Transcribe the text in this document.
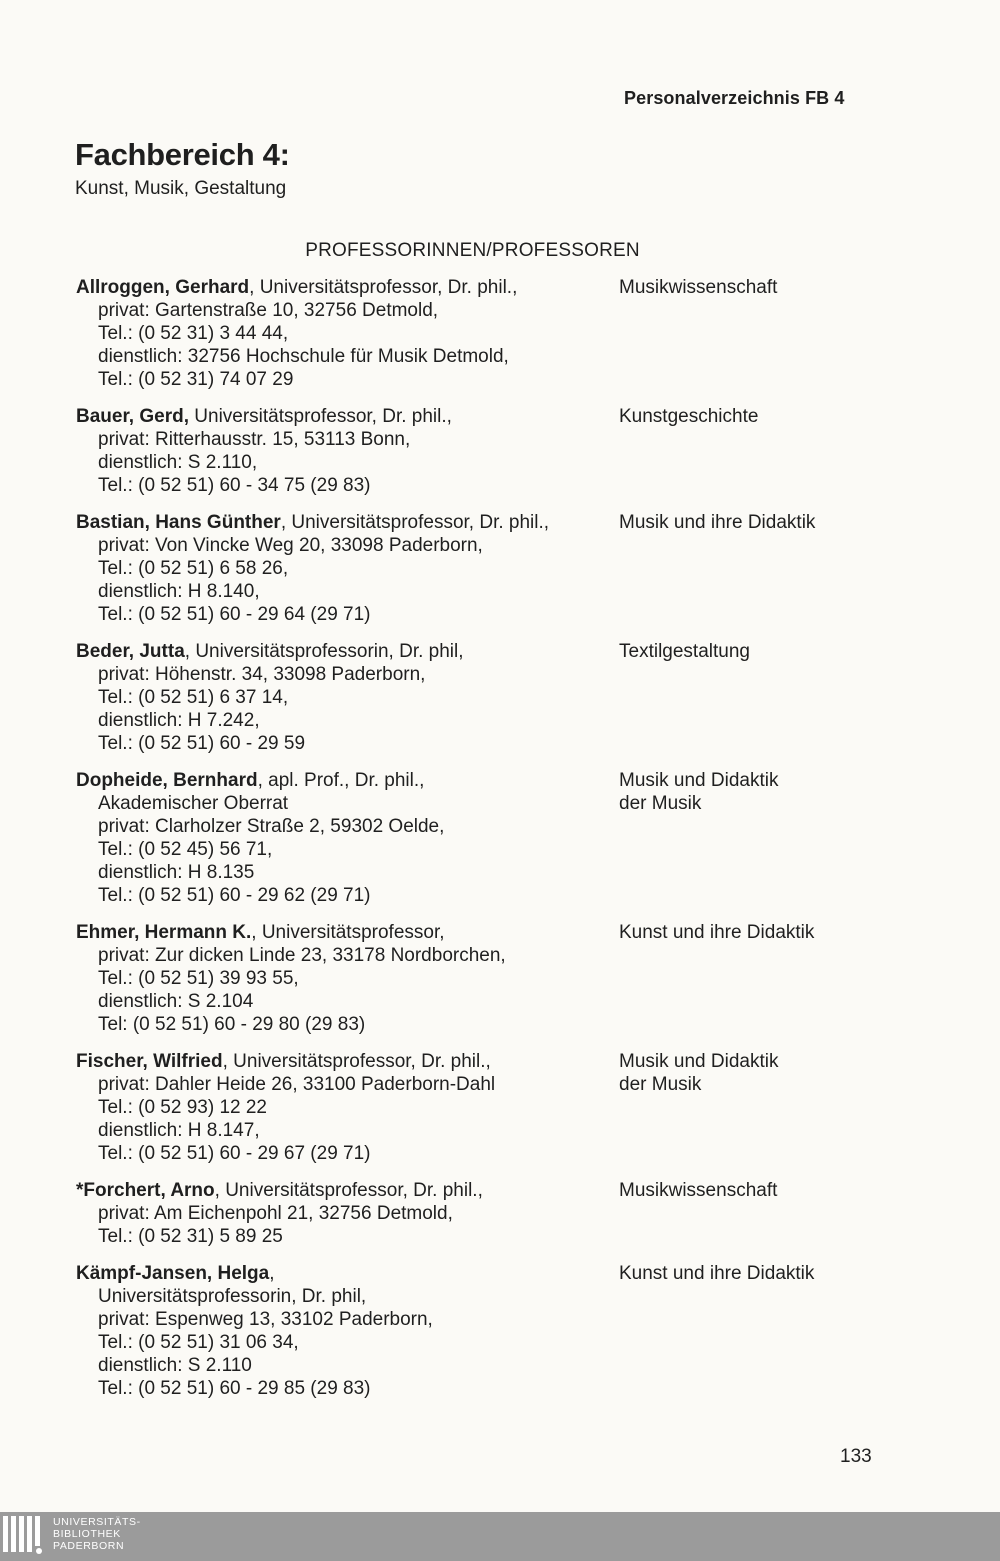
Personalverzeichnis FB 4
Fachbereich 4:
Kunst, Musik, Gestaltung
PROFESSORINNEN/PROFESSOREN
Allroggen, Gerhard, Universitätsprofessor, Dr. phil.,
privat: Gartenstraße 10, 32756 Detmold,
Tel.: (0 52 31) 3 44 44,
dienstlich: 32756 Hochschule für Musik Detmold,
Tel.: (0 52 31) 74 07 29
Musikwissenschaft
Bauer, Gerd, Universitätsprofessor, Dr. phil.,
privat: Ritterhausstr. 15, 53113 Bonn,
dienstlich: S 2.110,
Tel.: (0 52 51) 60 - 34 75 (29 83)
Kunstgeschichte
Bastian, Hans Günther, Universitätsprofessor, Dr. phil.,
privat: Von Vincke Weg 20, 33098 Paderborn,
Tel.: (0 52 51) 6 58 26,
dienstlich: H 8.140,
Tel.: (0 52 51) 60 - 29 64 (29 71)
Musik und ihre Didaktik
Beder, Jutta, Universitätsprofessorin, Dr. phil,
privat: Höhenstr. 34, 33098 Paderborn,
Tel.: (0 52 51) 6 37 14,
dienstlich: H 7.242,
Tel.: (0 52 51) 60 - 29 59
Textilgestaltung
Dopheide, Bernhard, apl. Prof., Dr. phil.,
Akademischer Oberrat
privat: Clarholzer Straße 2, 59302 Oelde,
Tel.: (0 52 45) 56 71,
dienstlich: H 8.135
Tel.: (0 52 51) 60 - 29 62 (29 71)
Musik und Didaktik
der Musik
Ehmer, Hermann K., Universitätsprofessor,
privat: Zur dicken Linde 23, 33178 Nordborchen,
Tel.: (0 52 51) 39 93 55,
dienstlich: S 2.104
Tel: (0 52 51) 60 - 29 80 (29 83)
Kunst und ihre Didaktik
Fischer, Wilfried, Universitätsprofessor, Dr. phil.,
privat: Dahler Heide 26, 33100 Paderborn-Dahl
Tel.: (0 52 93) 12 22
dienstlich: H 8.147,
Tel.: (0 52 51) 60 - 29 67 (29 71)
Musik und Didaktik
der Musik
*Forchert, Arno, Universitätsprofessor, Dr. phil.,
privat: Am Eichenpohl 21, 32756 Detmold,
Tel.: (0 52 31) 5 89 25
Musikwissenschaft
Kämpf-Jansen, Helga,
Universitätsprofessorin, Dr. phil,
privat: Espenweg 13, 33102 Paderborn,
Tel.: (0 52 51) 31 06 34,
dienstlich: S 2.110
Tel.: (0 52 51) 60 - 29 85 (29 83)
Kunst und ihre Didaktik
133
UNIVERSITÄTS-
BIBLIOTHEK
PADERBORN
